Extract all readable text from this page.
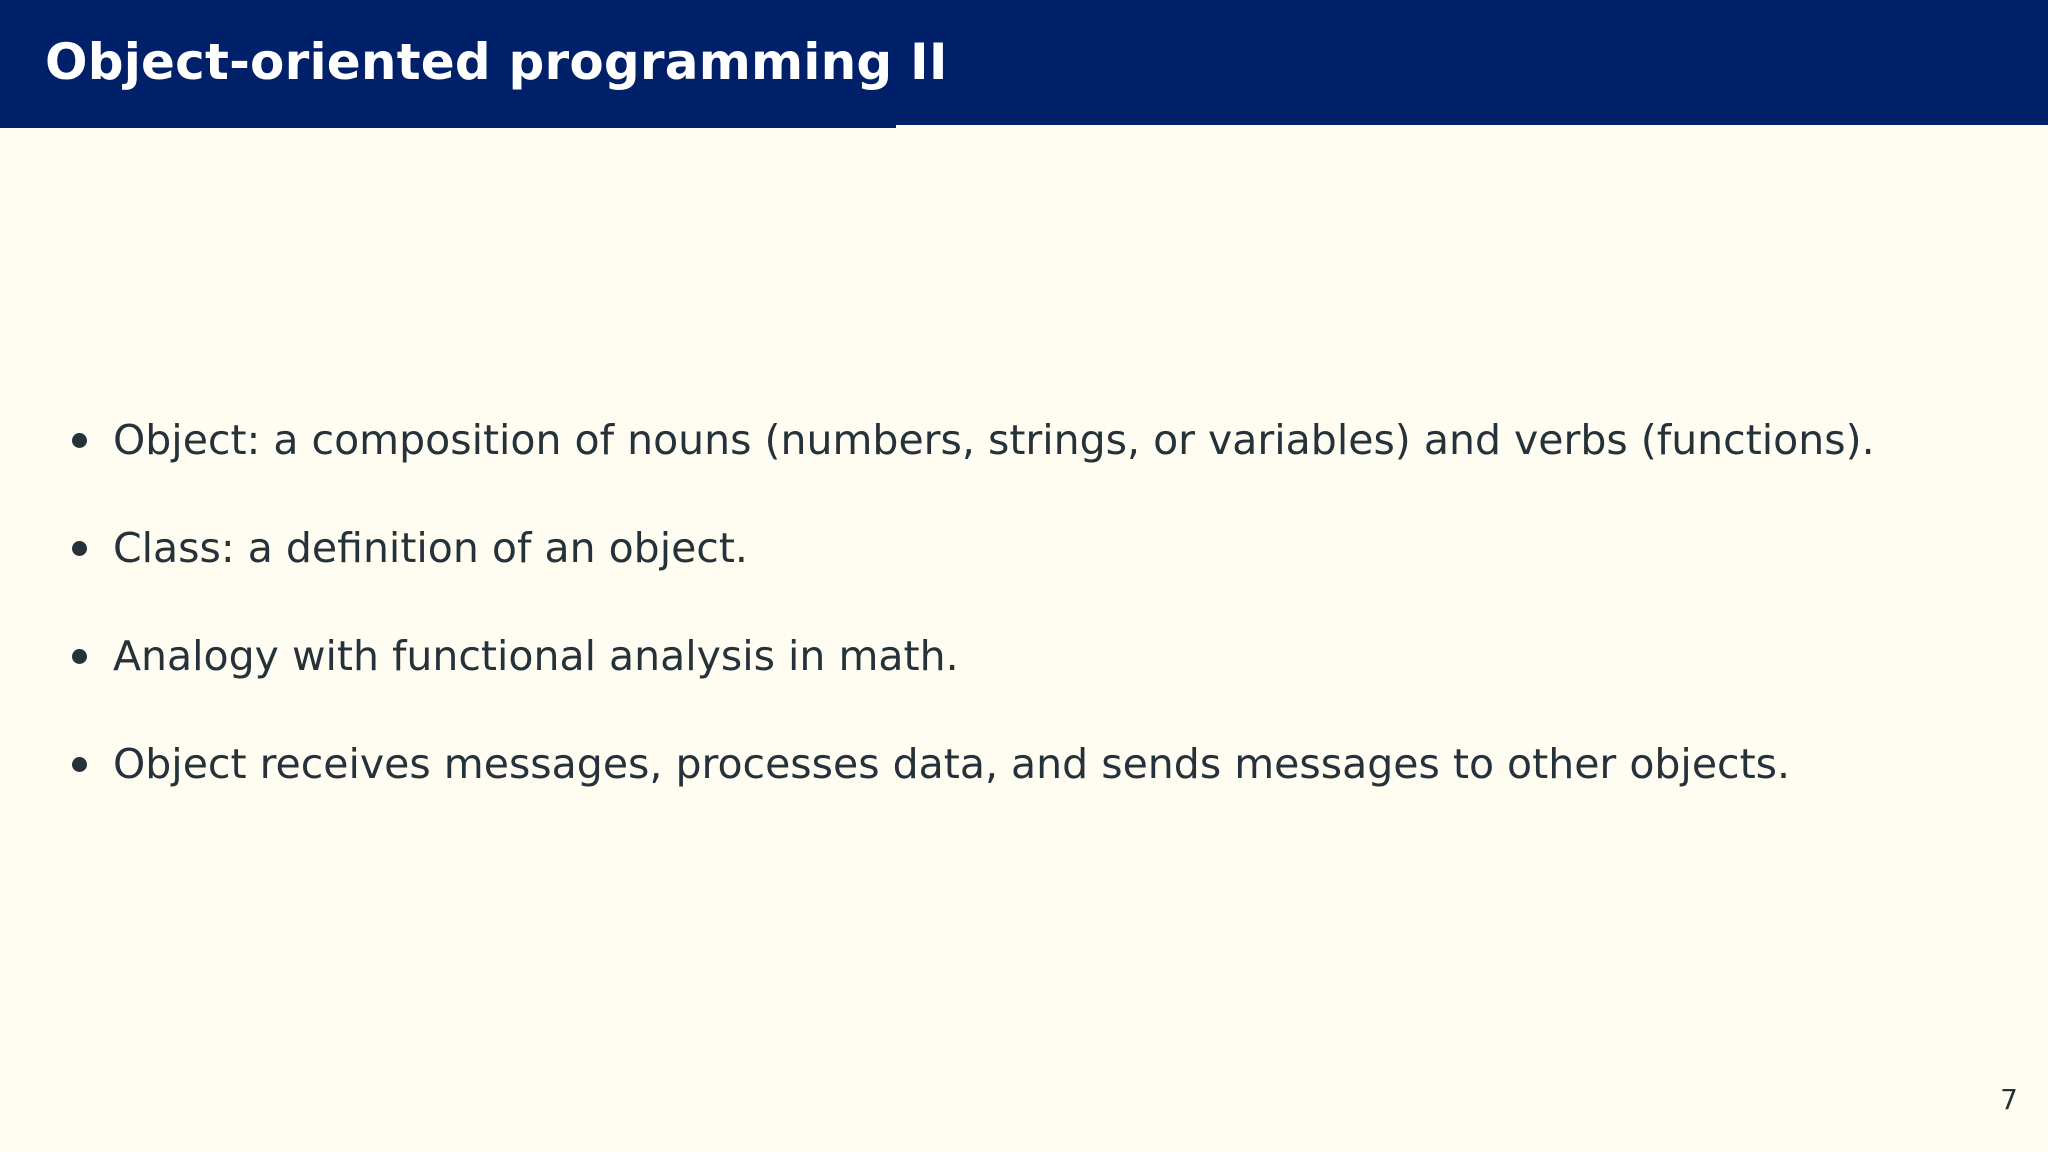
Object-oriented programming II
Object: a composition of nouns (numbers, strings, or variables) and verbs (functions).
Class: a definition of an object.
Analogy with functional analysis in math.
Object receives messages, processes data, and sends messages to other objects.
7
